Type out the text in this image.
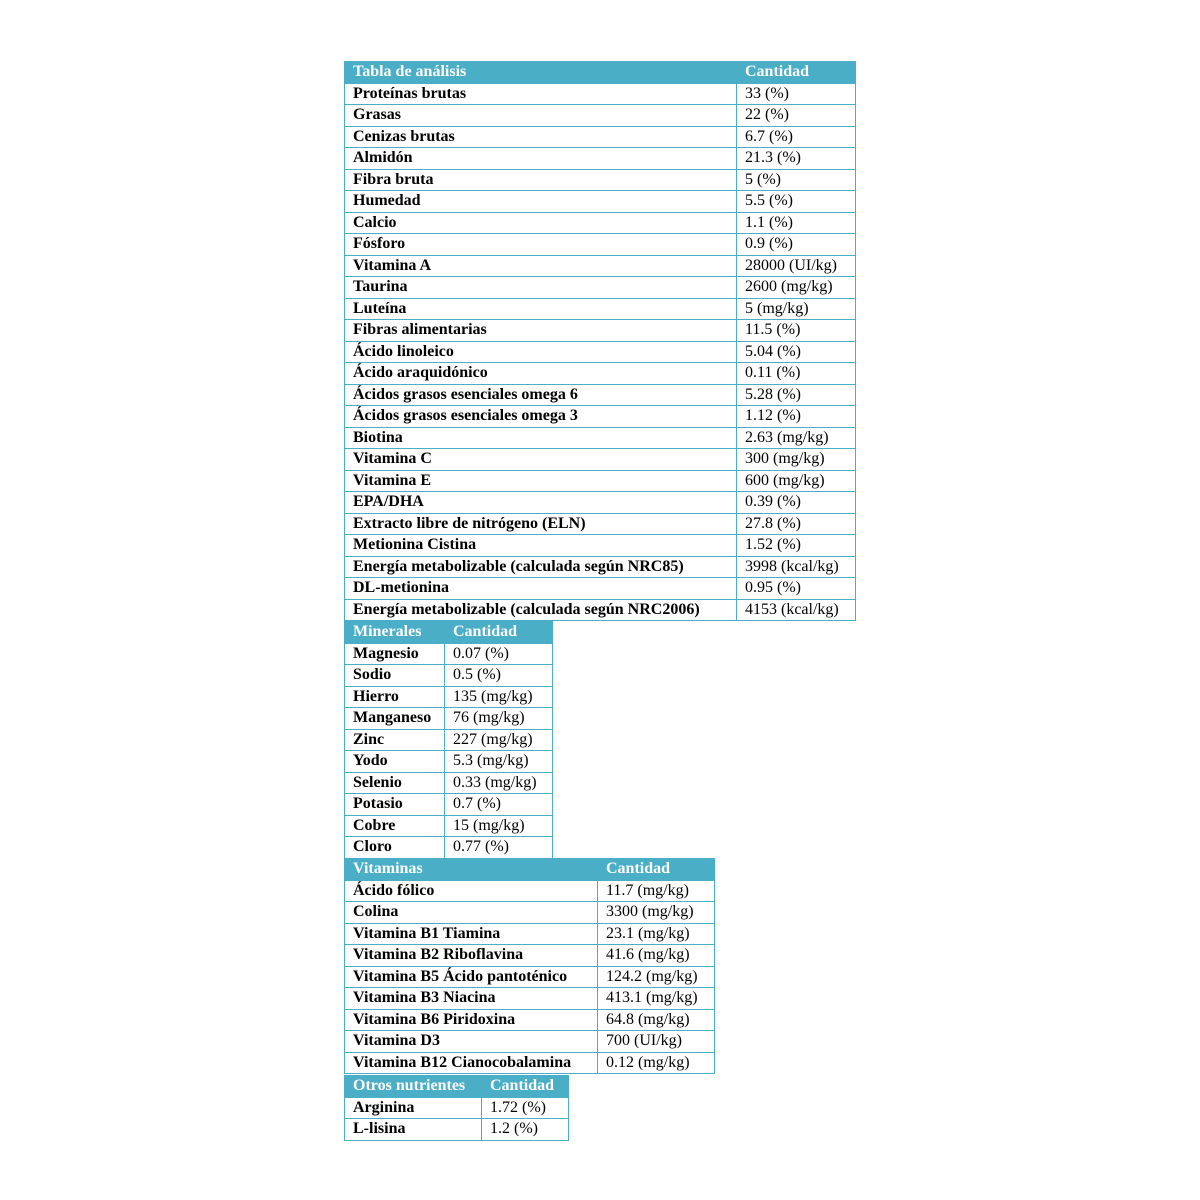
Tabla de análisis	Cantidad
Proteínas brutas	33 (%)
Grasas	22 (%)
Cenizas brutas	6.7 (%)
Almidón	21.3 (%)
Fibra bruta	5 (%)
Humedad	5.5 (%)
Calcio	1.1 (%)
Fósforo	0.9 (%)
Vitamina A	28000 (UI/kg)
Taurina	2600 (mg/kg)
Luteína	5 (mg/kg)
Fibras alimentarias	11.5 (%)
Ácido linoleico	5.04 (%)
Ácido araquidónico	0.11 (%)
Ácidos grasos esenciales omega 6	5.28 (%)
Ácidos grasos esenciales omega 3	1.12 (%)
Biotina	2.63 (mg/kg)
Vitamina C	300 (mg/kg)
Vitamina E	600 (mg/kg)
EPA/DHA	0.39 (%)
Extracto libre de nitrógeno (ELN)	27.8 (%)
Metionina Cistina	1.52 (%)
Energía metabolizable (calculada según NRC85)	3998 (kcal/kg)
DL-metionina	0.95 (%)
Energía metabolizable (calculada según NRC2006)	4153 (kcal/kg)
Minerales	Cantidad
Magnesio	0.07 (%)
Sodio	0.5 (%)
Hierro	135 (mg/kg)
Manganeso	76 (mg/kg)
Zinc	227 (mg/kg)
Yodo	5.3 (mg/kg)
Selenio	0.33 (mg/kg)
Potasio	0.7 (%)
Cobre	15 (mg/kg)
Cloro	0.77 (%)
Vitaminas	Cantidad
Ácido fólico	11.7 (mg/kg)
Colina	3300 (mg/kg)
Vitamina B1 Tiamina	23.1 (mg/kg)
Vitamina B2 Riboflavina	41.6 (mg/kg)
Vitamina B5 Ácido pantoténico	124.2 (mg/kg)
Vitamina B3 Niacina	413.1 (mg/kg)
Vitamina B6 Piridoxina	64.8 (mg/kg)
Vitamina D3	700 (UI/kg)
Vitamina B12 Cianocobalamina	0.12 (mg/kg)
Otros nutrientes	Cantidad
Arginina	1.72 (%)
L-lisina	1.2 (%)
